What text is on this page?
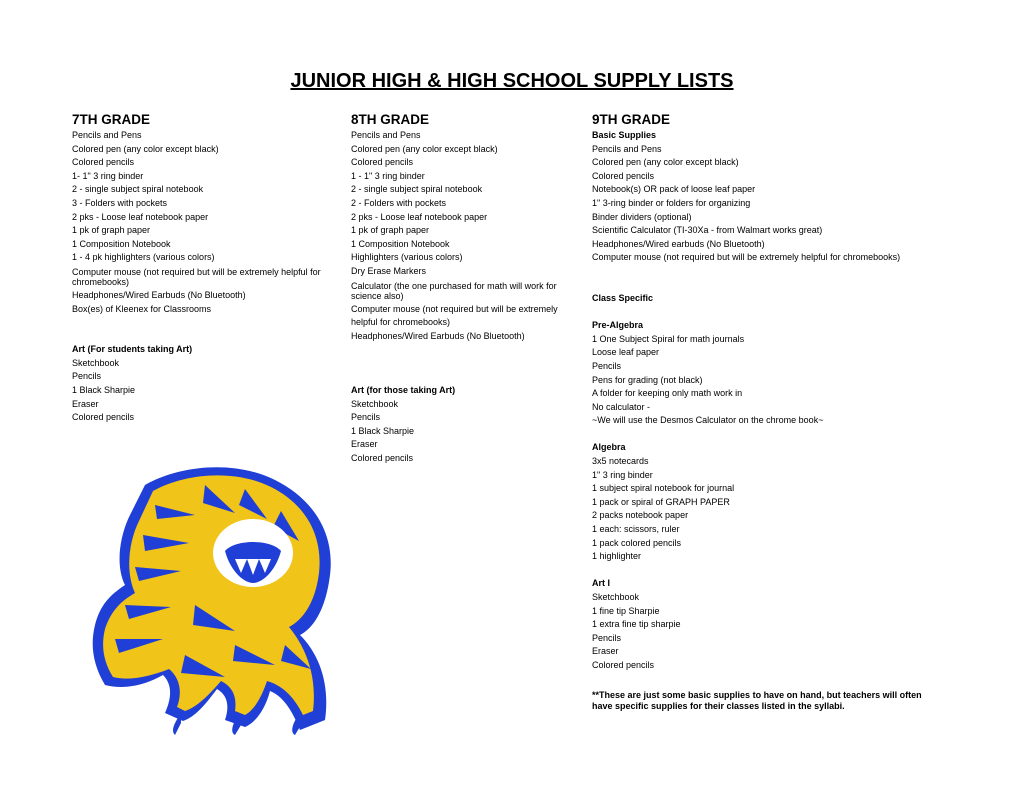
JUNIOR HIGH & HIGH SCHOOL SUPPLY LISTS
7TH GRADE
Pencils and Pens
Colored pen (any color except black)
Colored pencils
1- 1" 3 ring binder
2 - single subject spiral notebook
3 - Folders with pockets
2 pks - Loose leaf notebook paper
1 pk of graph paper
1 Composition Notebook
1 - 4 pk highlighters (various colors)
Computer mouse (not required but will be extremely helpful for chromebooks)
Headphones/Wired Earbuds (No Bluetooth)
Box(es) of Kleenex for Classrooms
Art (For students taking Art)
Sketchbook
Pencils
1 Black Sharpie
Eraser
Colored pencils
8TH GRADE
Pencils and Pens
Colored pen (any color except black)
Colored pencils
1 - 1" 3 ring binder
2 - single subject spiral notebook
2 - Folders with pockets
2 pks - Loose leaf notebook paper
1 pk of graph paper
1 Composition Notebook
Highlighters (various colors)
Dry Erase Markers
Calculator (the one purchased for math will work for science also)
Computer mouse (not required but will be extremely helpful for chromebooks)
Headphones/Wired Earbuds (No Bluetooth)
Art (for those taking Art)
Sketchbook
Pencils
1 Black Sharpie
Eraser
Colored pencils
9TH GRADE
Basic Supplies
Pencils and Pens
Colored pen (any color except black)
Colored pencils
Notebook(s) OR pack of loose leaf paper
1" 3-ring binder or folders for organizing
Binder dividers (optional)
Scientific Calculator (TI-30Xa - from Walmart works great)
Headphones/Wired earbuds (No Bluetooth)
Computer mouse (not required but will be extremely helpful for chromebooks)
Class Specific
Pre-Algebra
1 One Subject Spiral for math journals
Loose leaf paper
Pencils
Pens for grading (not black)
A folder for keeping only math work in
No calculator -
~We will use the Desmos Calculator on the chrome book~
Algebra
3x5 notecards
1" 3 ring binder
1 subject spiral notebook for journal
1 pack or spiral of GRAPH PAPER
2 packs notebook paper
1 each: scissors, ruler
1 pack colored pencils
1 highlighter
Art I
Sketchbook
1 fine tip Sharpie
1 extra fine tip sharpie
Pencils
Eraser
Colored pencils
**These are just some basic supplies to have on hand, but teachers will often have specific supplies for their classes listed in the syllabi.
